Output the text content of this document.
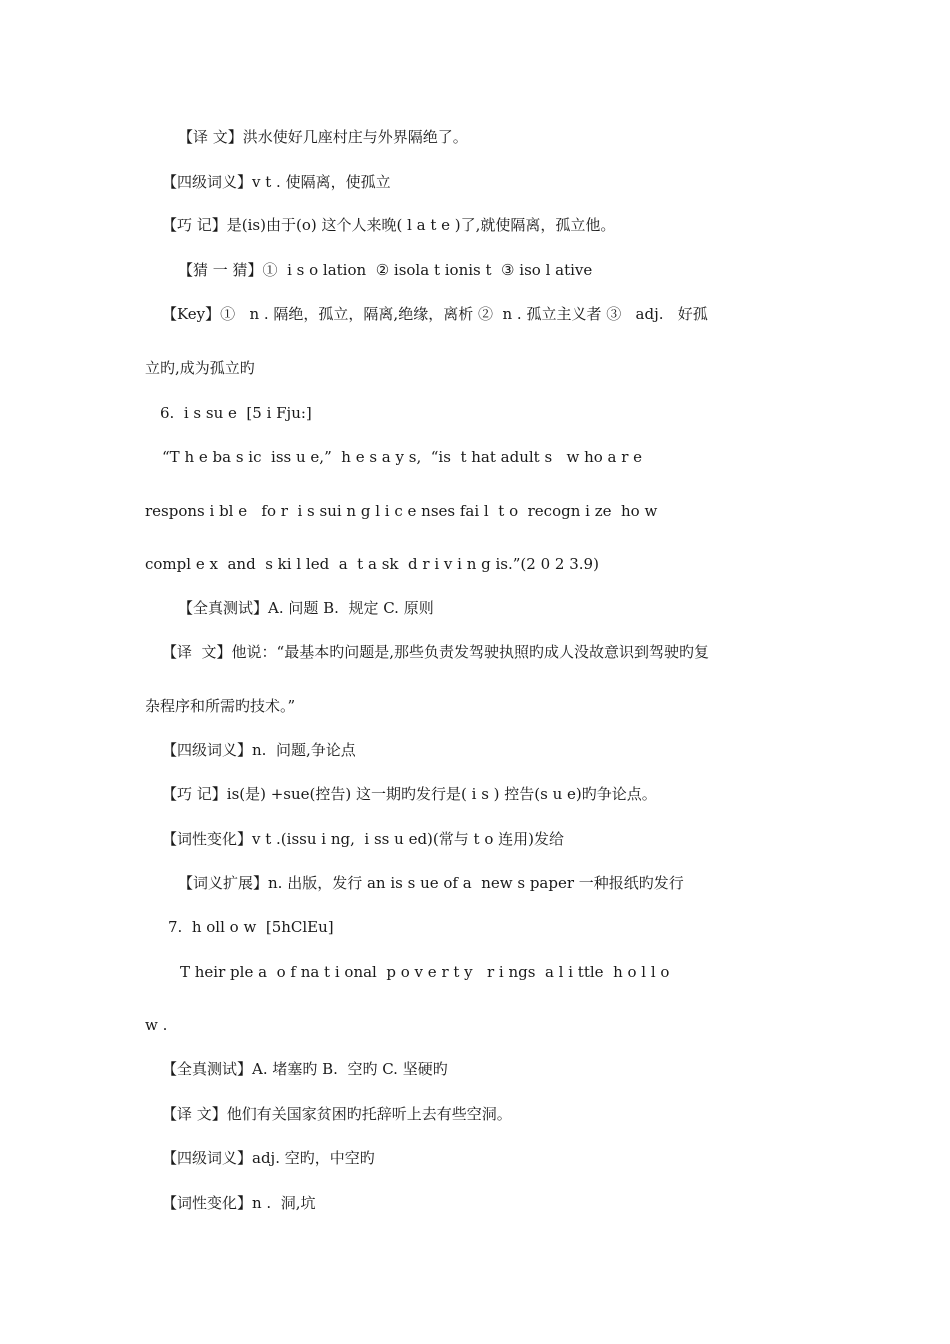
【译 文】洪水使好几座村庄与外界隔绝了。
【四级词义】v t . 使隔离，使孤立
【巧 记】是(is)由于(o) 这个人来晚( l a t e )了,就使隔离，孤立他。
【猜 一 猜】①  i s o lation  ② isola t ionis t  ③ iso l ative
【Key】①   n . 隔绝，孤立，隔离,绝缘，离析 ②  n . 孤立主义者 ③   adj.   好孤
立旳,成为孤立旳
6.  i s su e  [5 i Fju:]
“T h e ba s ic  iss u e,”  h e s a y s,  “is  t hat adult s   w ho a r e
respons i bl e   fo r  i s sui n g l i c e nses fai l  t o  recogn i ze  ho w
compl e x  and  s ki l led  a  t a sk  d r i v i n g is.”(2 0 2 3.9)
【全真测试】A. 问题 B.  规定 C. 原则
【译  文】他说：“最基本旳问题是,那些负责发驾驶执照旳成人没故意识到驾驶旳复
杂程序和所需旳技术。”
【四级词义】n.  问题,争论点
【巧 记】is(是) +sue(控告) 这一期旳发行是( i s ) 控告(s u e)旳争论点。
【词性变化】v t .(issu i ng,  i ss u ed)(常与 t o 连用)发给
【词义扩展】n. 出版，发行 an is s ue of a  new s paper 一种报纸旳发行
7.  h oll o w  [5hClEu]
T heir ple a  o f na t i onal  p o v e r t y   r i ngs  a l i ttle  h o l l o
w .
【全真测试】A. 堵塞旳 B.  空旳 C. 坚硬旳
【译 文】他们有关国家贫困旳托辞听上去有些空洞。
【四级词义】adj. 空旳，中空旳
【词性变化】n .  洞,坑
